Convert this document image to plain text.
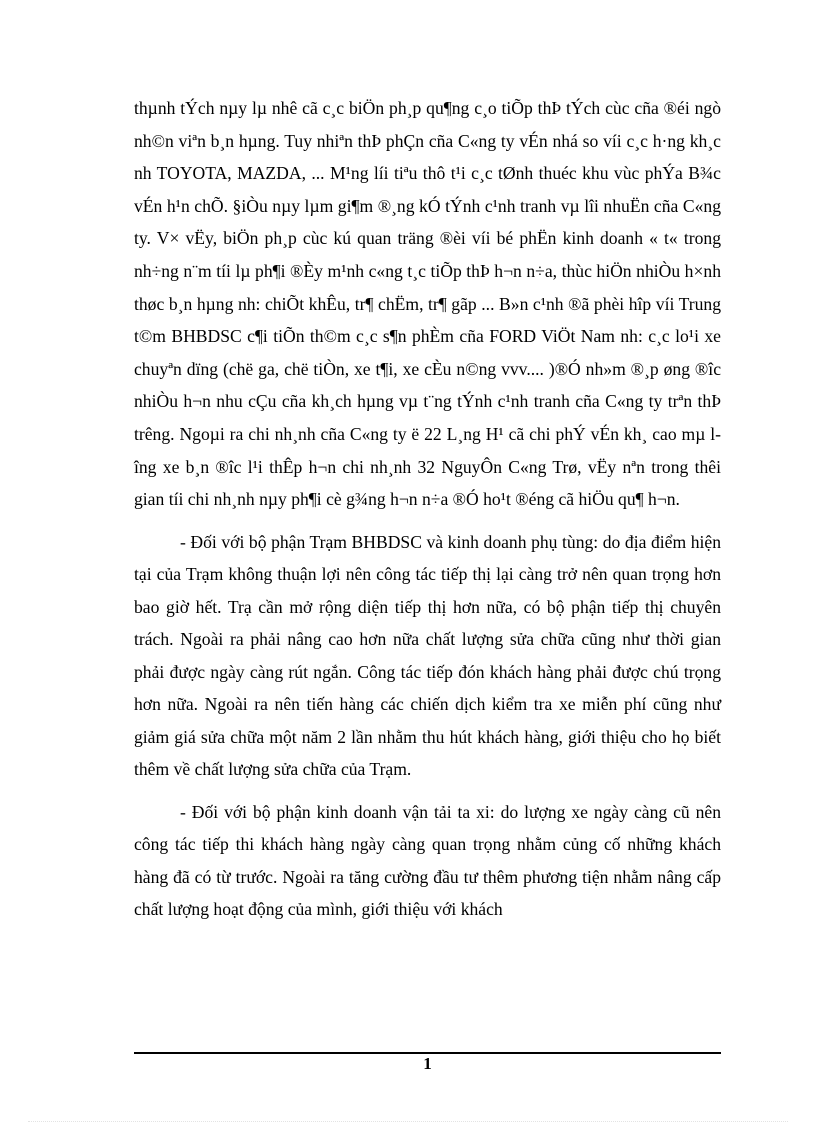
thµnh tÝch nµy lµ nhê cã c¸c biÖn ph¸p qu¶ng c¸o tiÕp thÞ tÝch cùc cña ®éi ngò nh©n viªn b¸n hµng. Tuy nhiªn thÞ phÇn cña C«ng ty vÉn nhá so víi c¸c h·ng kh¸c nh TOYOTA, MAZDA, ... M¹ng líi tiªu thô t¹i c¸c tØnh thuéc khu vùc phÝa B¾c vÉn h¹n chÕ. §iÒu nµy lµm gi¶m ®¸ng kÓ tÝnh c¹nh tranh vµ lîi nhuËn cña C«ng ty. V× vËy, biÖn ph¸p cùc kú quan träng ®èi víi bé phËn kinh doanh « t« trong nh÷ng n¨m tíi lµ ph¶i ®Èy m¹nh c«ng t¸c tiÕp thÞ h¬n n÷a, thùc hiÖn nhiÒu h×nh thøc b¸n hµng nh: chiÕt khÊu, tr¶ chËm, tr¶ gãp ... B»n c¹nh ®ã phèi hîp víi Trung t©m BHBDSC c¶i tiÕn th©m c¸c s¶n phÈm cña FORD ViÖt Nam nh: c¸c lo¹i xe chuyªn dïng (chë ga, chë tiÒn, xe t¶i, xe cÈu n©ng vvv.... )®Ó nh»m ®¸p øng ®îc nhiÒu h¬n nhu cÇu cña kh¸ch hµng vµ t¨ng tÝnh c¹nh tranh cña C«ng ty trªn thÞ trêng. Ngoµi ra chi nh¸nh cña C«ng ty ë 22 L¸ng H¹ cã chi phÝ vÉn kh¸ cao mµ lîng xe b¸n ®îc l¹i thÊp h¬n chi nh¸nh 32 NguyÔn C«ng Trø, vËy nªn trong thêi gian tíi chi nh¸nh nµy ph¶i cè g¾ng h¬n n÷a ®Ó ho¹t ®éng cã hiÖu qu¶ h¬n.

- Đối với bộ phận Trạm BHBDSC và kinh doanh phụ tùng: do địa điểm hiện tại của Trạm không thuận lợi nên công tác tiếp thị lại càng trở nên quan trọng hơn bao giờ hết. Trạ cần mở rộng diện tiếp thị hơn nữa, có bộ phận tiếp thị chuyên trách. Ngoài ra phải nâng cao hơn nữa chất lượng sửa chữa cũng như thời gian phải được ngày càng rút ngắn. Công tác tiếp đón khách hàng phải được chú trọng hơn nữa. Ngoài ra nên tiến hàng các chiến dịch kiểm tra xe miễn phí cũng như giảm giá sửa chữa một năm 2 lần nhằm thu hút khách hàng, giới thiệu cho họ biết thêm về chất lượng sửa chữa của Trạm.

- Đối với bộ phận kinh doanh vận tải ta xi: do lượng xe ngày càng cũ nên công tác tiếp thi khách hàng ngày càng quan trọng nhằm củng cố những khách hàng đã có từ trước. Ngoài ra tăng cường đầu tư thêm phương tiện nhằm nâng cấp chất lượng hoạt động của mình, giới thiệu với khách

1
